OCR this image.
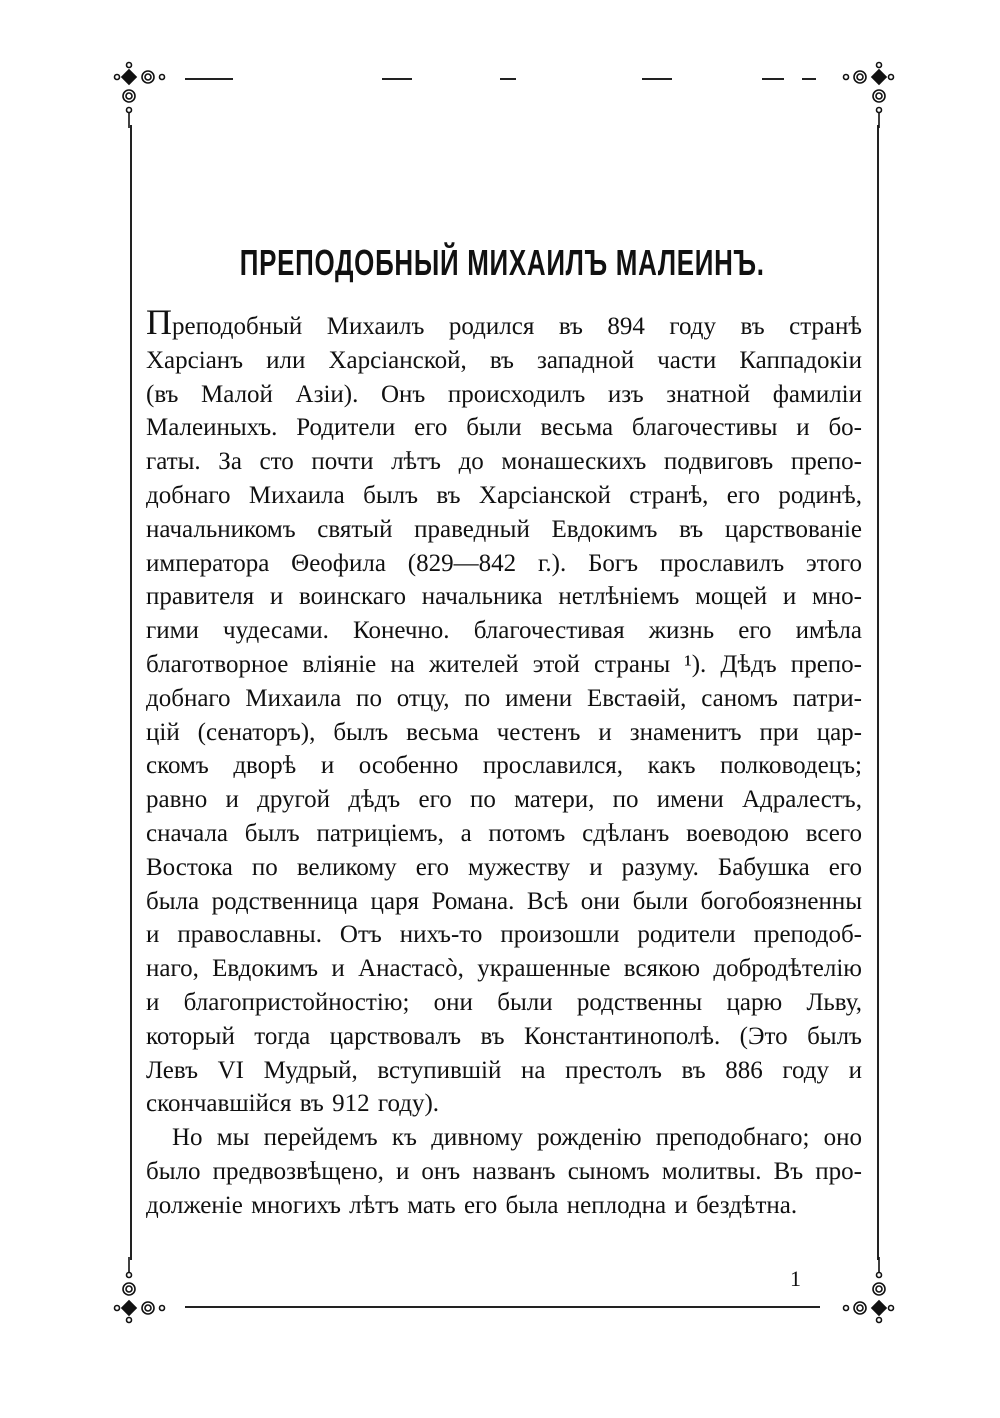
ПРЕПОДОБНЫЙ МИХАИЛЪ МАЛЕИНЪ.
Преподобный Михаилъ родился въ 894 году въ странѣ
Харсіанъ или Харсіанской, въ западной части Каппадокіи
(въ Малой Азіи). Онъ происходилъ изъ знатной фамиліи
Малеиныхъ. Родители его были весьма благочестивы и бо-
гаты. За сто почти лѣтъ до монашескихъ подвиговъ препо-
добнаго Михаила былъ въ Харсіанской странѣ, его родинѣ,
начальникомъ святый праведный Евдокимъ въ царствованіе
императора Θеофила (829—842 г.). Богъ прославилъ этого
правителя и воинскаго начальника нетлѣніемъ мощей и мно-
гими чудесами. Конечно. благочестивая жизнь его имѣла
благотворное вліяніе на жителей этой страны ¹). Дѣдъ препо-
добнаго Михаила по отцу, по имени Евстаѳій, саномъ патри-
цій (сенаторъ), былъ весьма честенъ и знаменитъ при цар-
скомъ дворѣ и особенно прославился, какъ полководецъ;
равно и другой дѣдъ его по матери, по имени Адралестъ,
сначала былъ патриціемъ, а потомъ сдѣланъ воеводою всего
Востока по великому его мужеству и разуму. Бабушка его
была родственница царя Романа. Всѣ они были богобоязненны
и православны. Отъ нихъ-то произошли родители преподоб-
наго, Евдокимъ и Анастасò, украшенные всякою добродѣтелію
и благопристойностію; они были родственны царю Льву,
который тогда царствовалъ въ Константинополѣ. (Это былъ
Левъ VI Мудрый, вступившій на престолъ въ 886 году и
скончавшійся въ 912 году).
Но мы перейдемъ къ дивному рожденію преподобнаго; оно
было предвозвѣщено, и онъ названъ сыномъ молитвы. Въ про-
долженіе многихъ лѣтъ мать его была неплодна и бездѣтна.
1
